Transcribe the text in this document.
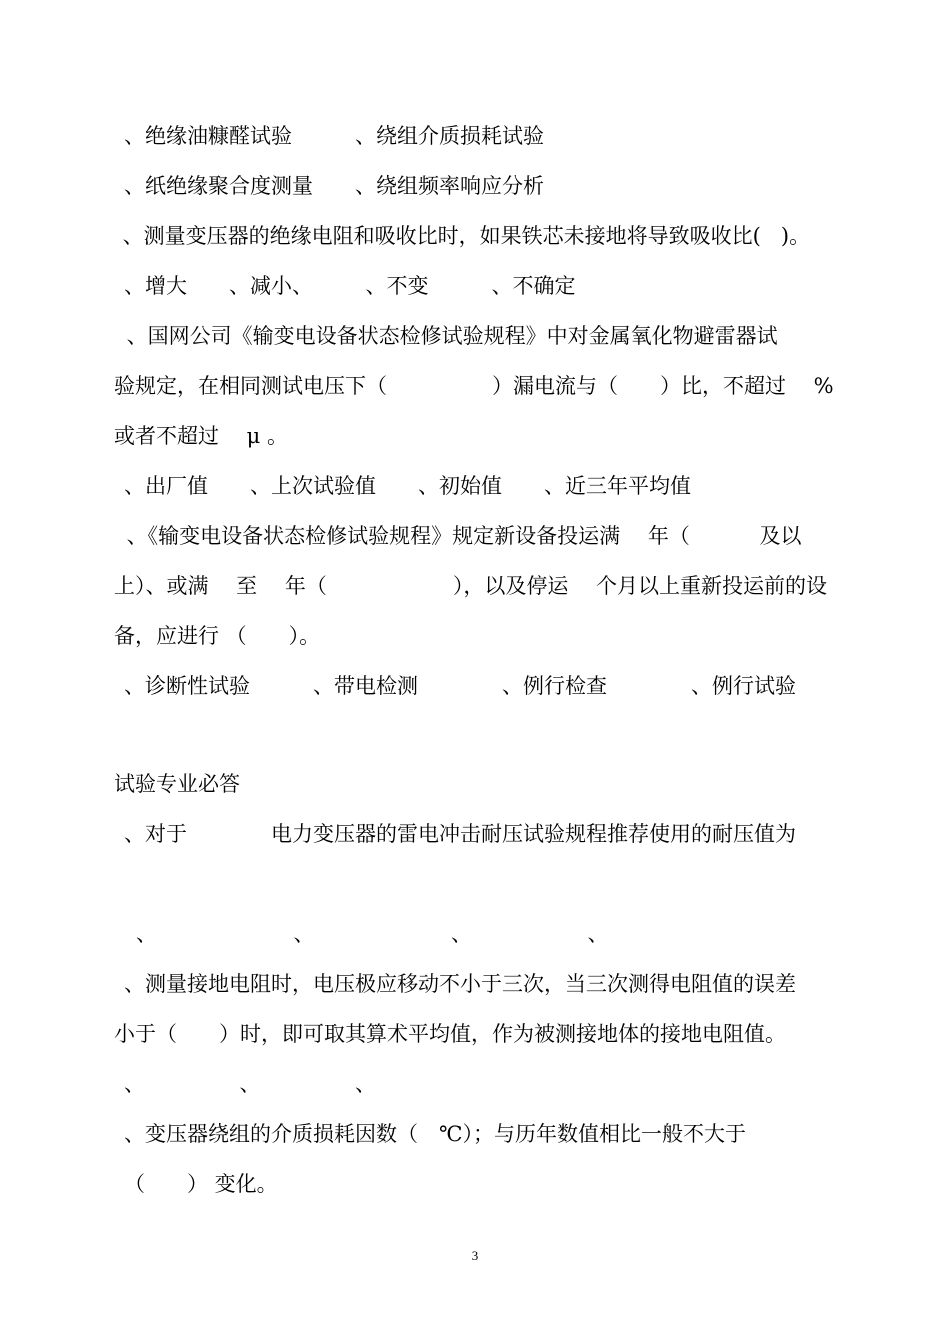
、绝缘油糠醛试验　　　、绕组介质损耗试验
、纸绝缘聚合度测量　　、绕组频率响应分析
、测量变压器的绝缘电阻和吸收比时，如果铁芯未接地将导致吸收比(   )。
、增大　　、减小、　　　、不变　　　、不确定
、国网公司《输变电设备状态检修试验规程》中对金属氧化物避雷器试
验规定，在相同测试电压下（　　　　　）漏电流与（　　）比，不超过　 %
或者不超过　 μ 。
、出厂值　　、上次试验值　　、初始值　　、近三年平均值
、《输变电设备状态检修试验规程》规定新设备投运满　 年（　　　 及以
上）、或满　 至　 年（　　　　　　），以及停运　 个月以上重新投运前的设
备，应进行 （　　）。
、诊断性试验　　　、带电检测　　　　、例行检查　　　　、例行试验
试验专业必答
、对于　　　　电力变压器的雷电冲击耐压试验规程推荐使用的耐压值为
、　　　　　　　、　　　　　　　、　　　　　　、
、测量接地电阻时，电压极应移动不小于三次，当三次测得电阻值的误差
小于（　　）时，即可取其算术平均值，作为被测接地体的接地电阻值。
、　　　　　、　　　　　、
、变压器绕组的介质损耗因数（　℃）；与历年数值相比一般不大于
（　　） 变化。
3
